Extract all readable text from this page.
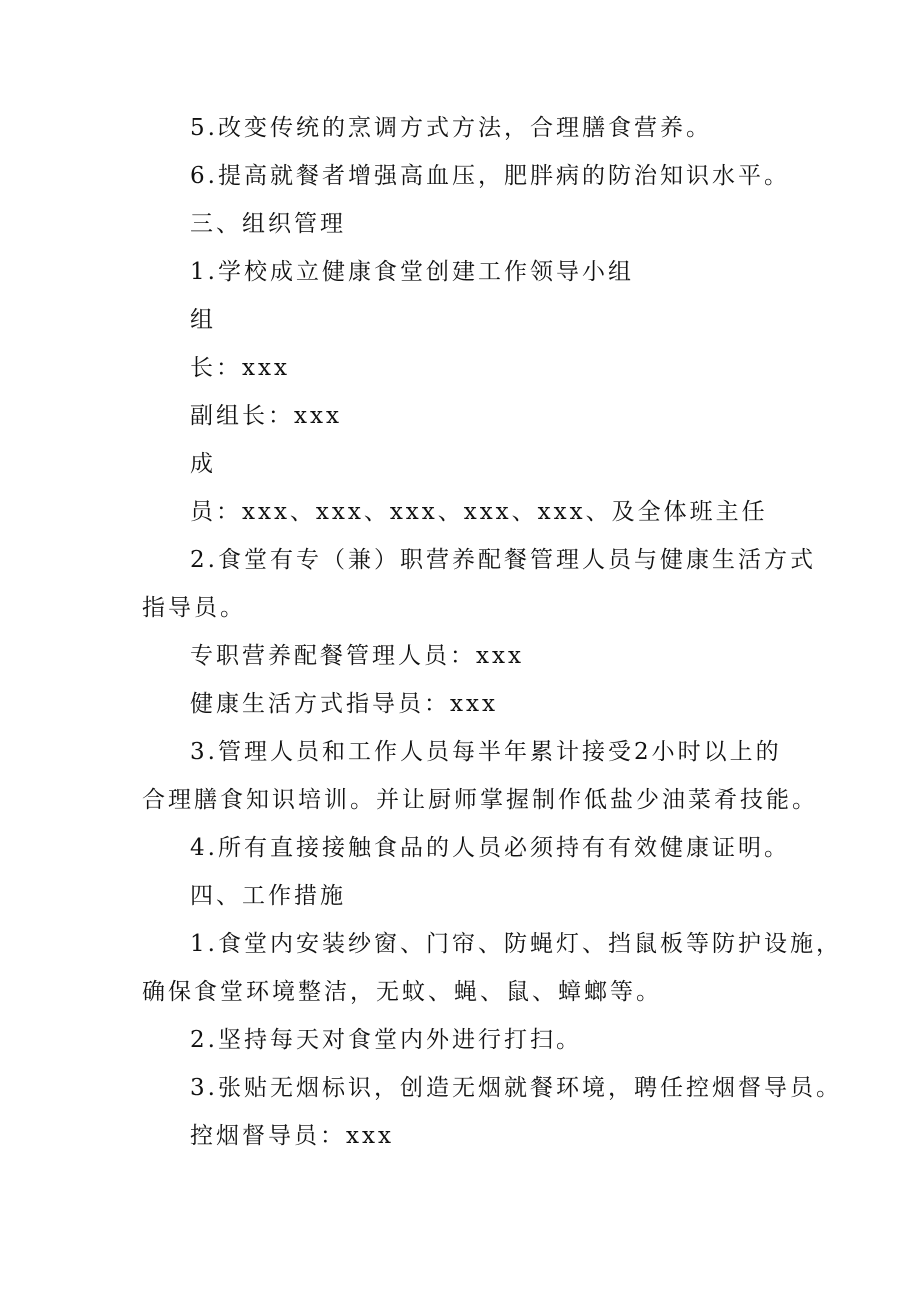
5.改变传统的烹调方式方法，合理膳食营养。
6.提高就餐者增强高血压，肥胖病的防治知识水平。
三、组织管理
1.学校成立健康食堂创建工作领导小组
组
长：xxx
副组长：xxx
成
员：xxx、xxx、xxx、xxx、xxx、及全体班主任
2.食堂有专（兼）职营养配餐管理人员与健康生活方式
指导员。
专职营养配餐管理人员：xxx
健康生活方式指导员：xxx
3.管理人员和工作人员每半年累计接受2小时以上的
合理膳食知识培训。并让厨师掌握制作低盐少油菜肴技能。
4.所有直接接触食品的人员必须持有有效健康证明。
四、工作措施
1.食堂内安装纱窗、门帘、防蝇灯、挡鼠板等防护设施，
确保食堂环境整洁，无蚊、蝇、鼠、蟑螂等。
2.坚持每天对食堂内外进行打扫。
3.张贴无烟标识，创造无烟就餐环境，聘任控烟督导员。
控烟督导员：xxx
